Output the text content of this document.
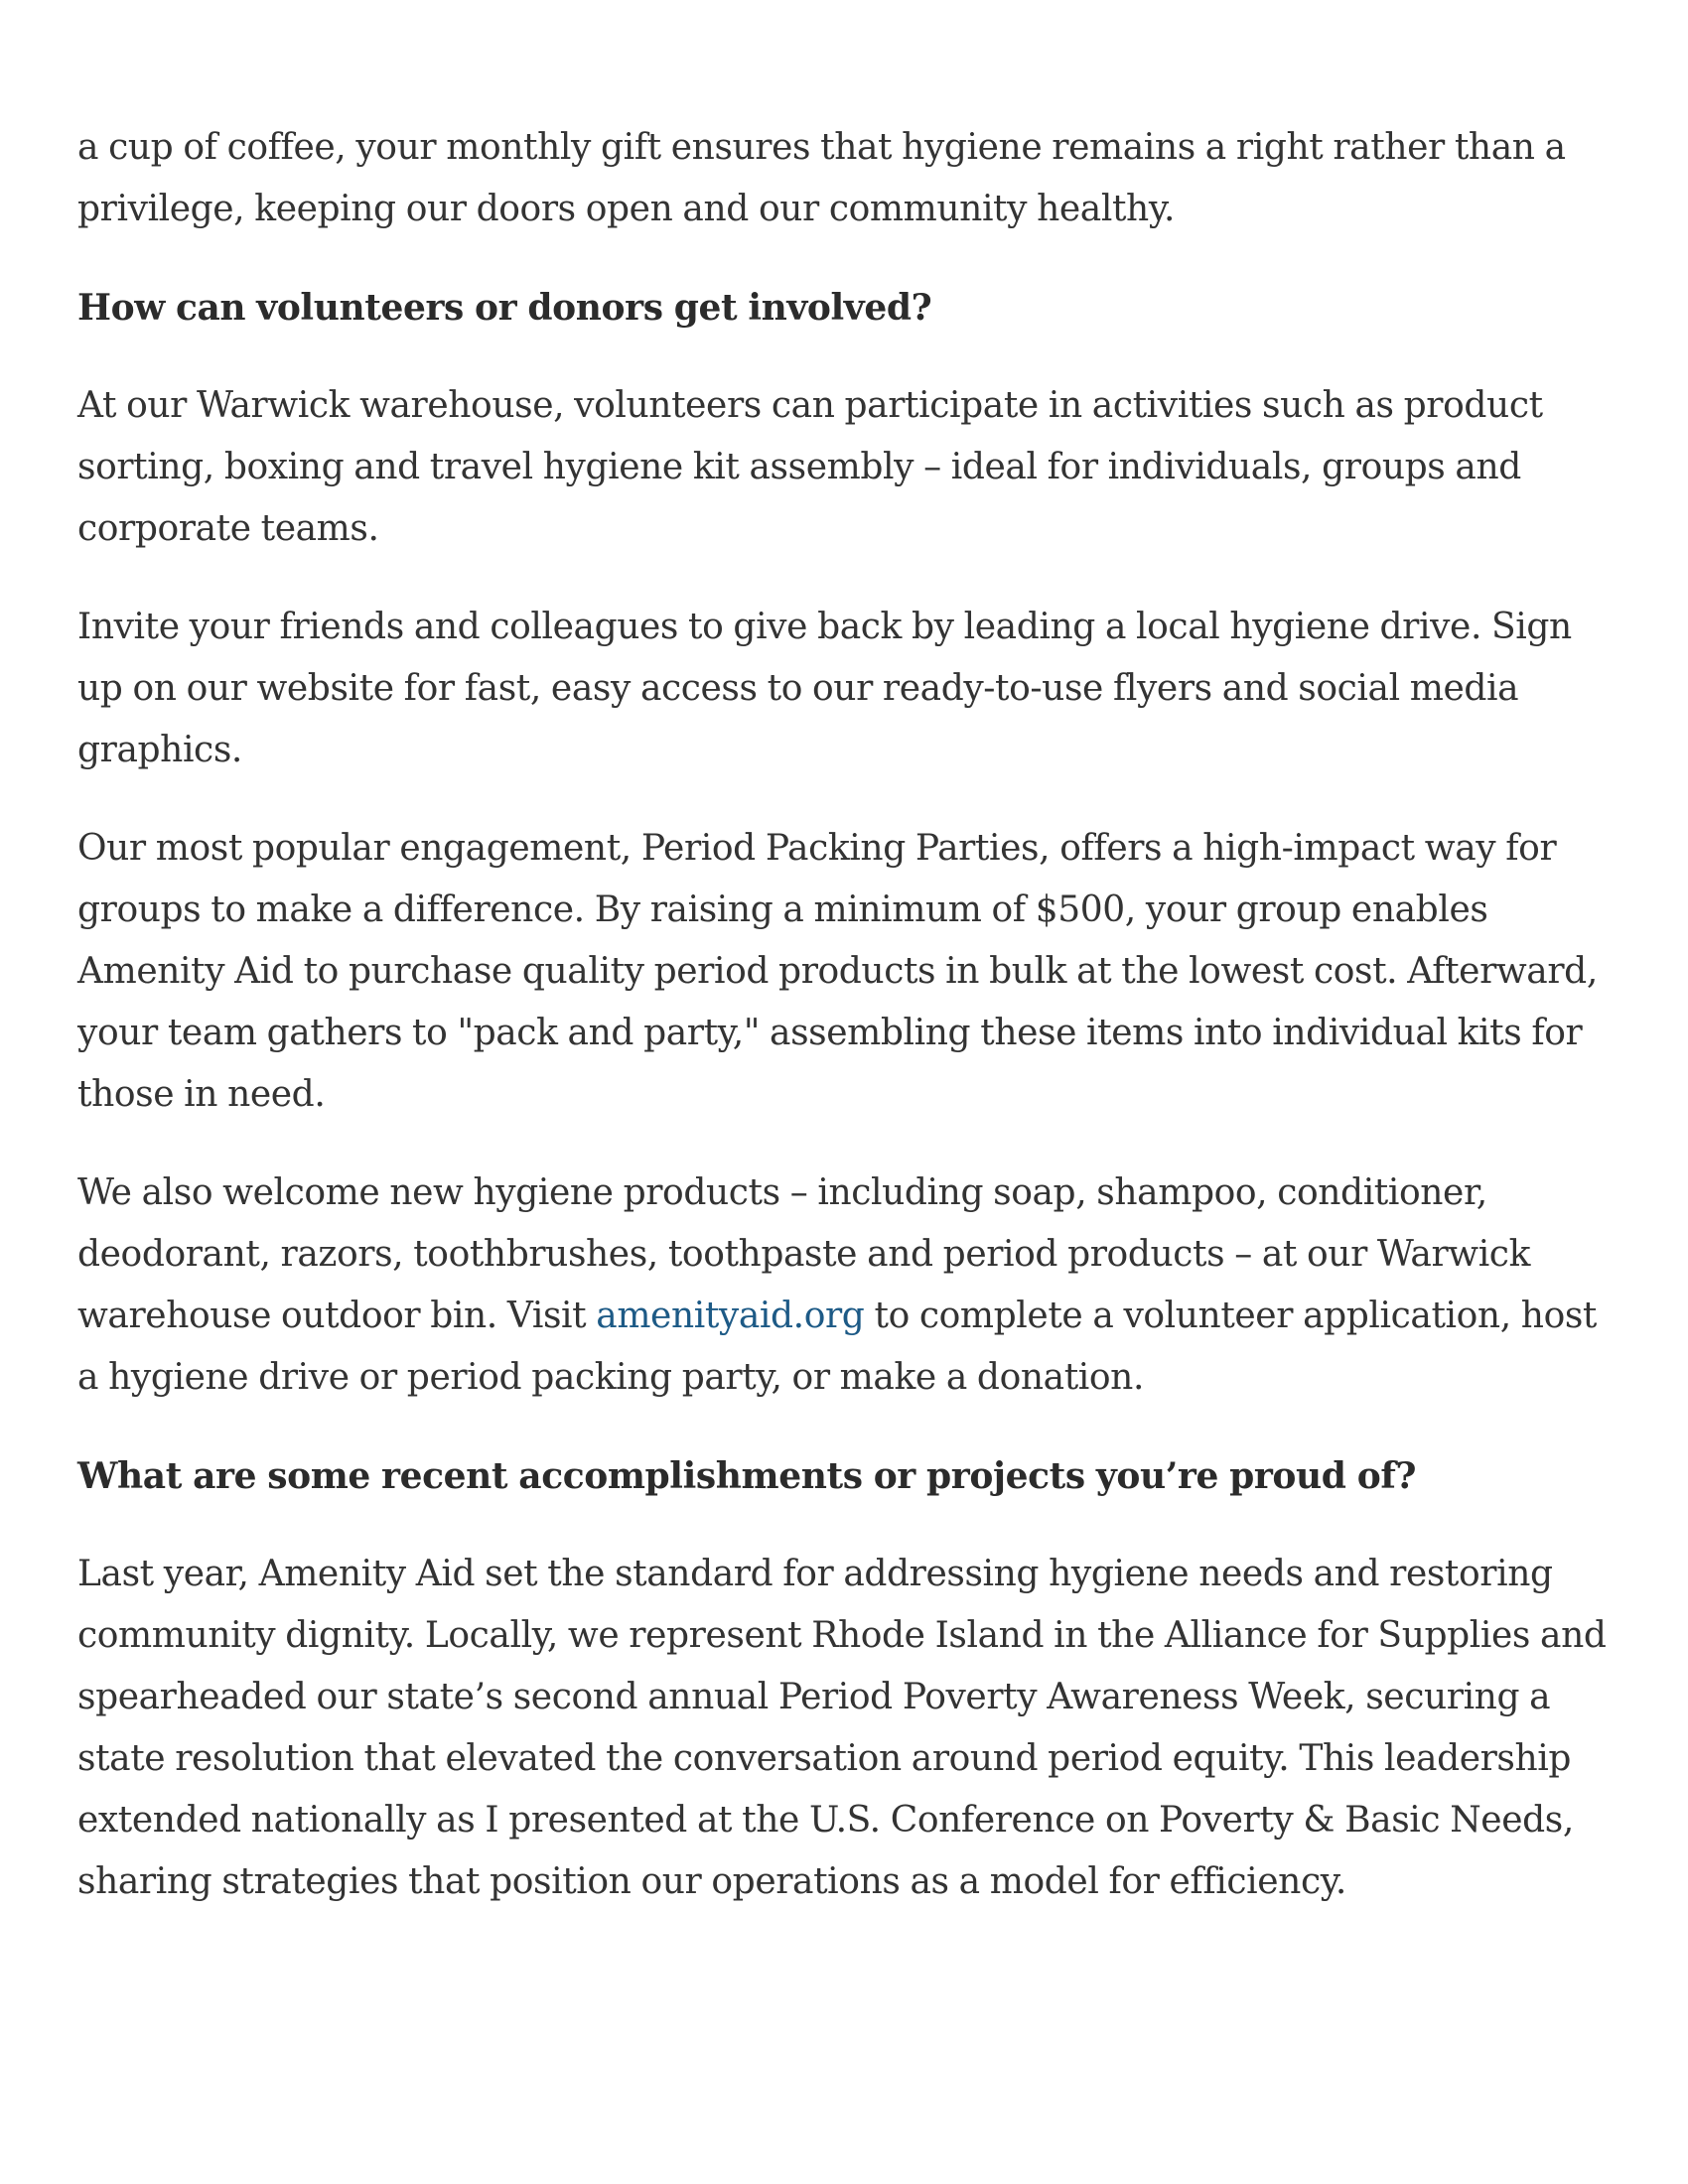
a cup of coffee, your monthly gift ensures that hygiene remains a right rather than a privilege, keeping our doors open and our community healthy.

How can volunteers or donors get involved?

At our Warwick warehouse, volunteers can participate in activities such as product sorting, boxing and travel hygiene kit assembly – ideal for individuals, groups and corporate teams.

Invite your friends and colleagues to give back by leading a local hygiene drive. Sign up on our website for fast, easy access to our ready-to-use flyers and social media graphics.

Our most popular engagement, Period Packing Parties, offers a high-impact way for groups to make a difference. By raising a minimum of $500, your group enables Amenity Aid to purchase quality period products in bulk at the lowest cost. Afterward, your team gathers to "pack and party," assembling these items into individual kits for those in need.

We also welcome new hygiene products – including soap, shampoo, conditioner, deodorant, razors, toothbrushes, toothpaste and period products – at our Warwick warehouse outdoor bin. Visit amenityaid.org to complete a volunteer application, host a hygiene drive or period packing party, or make a donation.

What are some recent accomplishments or projects you’re proud of?

Last year, Amenity Aid set the standard for addressing hygiene needs and restoring community dignity. Locally, we represent Rhode Island in the Alliance for Supplies and spearheaded our state’s second annual Period Poverty Awareness Week, securing a state resolution that elevated the conversation around period equity. This leadership extended nationally as I presented at the U.S. Conference on Poverty & Basic Needs, sharing strategies that position our operations as a model for efficiency.
